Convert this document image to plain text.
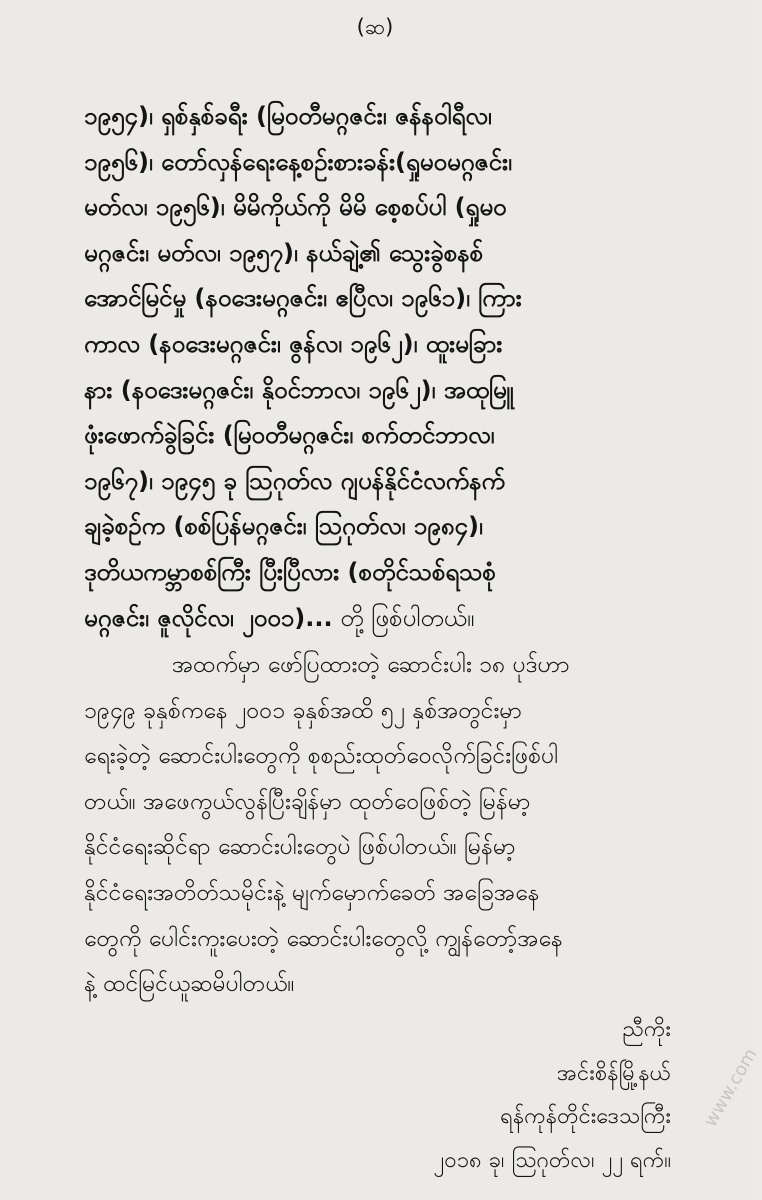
(ဆ)
၁၉၅၄)၊ ရှစ်နှစ်ခရီး (မြဝတီမဂ္ဂဇင်း၊ ဇန်နဝါရီလ၊
၁၉၅၆)၊ တော်လှန်ရေးနေ့စဉ်းစားခန်း(ရှုမဝမဂ္ဂဇင်း၊
မတ်လ၊ ၁၉၅၆)၊ မိမိကိုယ်ကို မိမိ စေ့စပ်ပါ (ရှုမဝ
မဂ္ဂဇင်း၊ မတ်လ၊ ၁၉၅၇)၊ နယ်ချဲ့၏ သွေးခွဲစနစ်
အောင်မြင်မှု (နဝဒေးမဂ္ဂဇင်း၊ ဧပြီလ၊ ၁၉၆၁)၊ ကြား
ကာလ (နဝဒေးမဂ္ဂဇင်း၊ ဇွန်လ၊ ၁၉၆၂)၊ ထူးမခြား
နား (နဝဒေးမဂ္ဂဇင်း၊ နိုဝင်ဘာလ၊ ၁၉၆၂)၊ အထုမြူ
ဖုံးဖောက်ခွဲခြင်း (မြဝတီမဂ္ဂဇင်း၊ စက်တင်ဘာလ၊
၁၉၆၇)၊ ၁၉၄၅ ခု ဩဂုတ်လ ဂျပန်နိုင်ငံလက်နက်
ချခဲ့စဉ်က (စစ်ပြန်မဂ္ဂဇင်း၊ ဩဂုတ်လ၊ ၁၉၈၄)၊
ဒုတိယကမ္ဘာစစ်ကြီး ပြီးပြီလား (စတိုင်သစ်ရသစုံ
မဂ္ဂဇင်း၊ ဇူလိုင်လ၊ ၂၀၀၁)... တို့ ဖြစ်ပါတယ်။
အထက်မှာ ဖော်ပြထားတဲ့ ဆောင်းပါး ၁၈ ပုဒ်ဟာ
၁၉၄၉ ခုနှစ်ကနေ ၂၀၀၁ ခုနှစ်အထိ ၅၂ နှစ်အတွင်းမှာ
ရေးခဲ့တဲ့ ဆောင်းပါးတွေကို စုစည်းထုတ်ဝေလိုက်ခြင်းဖြစ်ပါ
တယ်။ အဖေကွယ်လွန်ပြီးချိန်မှာ ထုတ်ဝေဖြစ်တဲ့ မြန်မာ့
နိုင်ငံရေးဆိုင်ရာ ဆောင်းပါးတွေပဲ ဖြစ်ပါတယ်။ မြန်မာ့
နိုင်ငံရေးအတိတ်သမိုင်းနဲ့ မျက်မှောက်ခေတ် အခြေအနေ
တွေကို ပေါင်းကူးပေးတဲ့ ဆောင်းပါးတွေလို့ ကျွန်တော့်အနေ
နဲ့ ထင်မြင်ယူဆမိပါတယ်။
ညီကိုး
အင်းစိန်မြို့နယ်
ရန်ကုန်တိုင်းဒေသကြီး
၂၀၁၈ ခု၊ ဩဂုတ်လ၊ ၂၂ ရက်။
www.com
